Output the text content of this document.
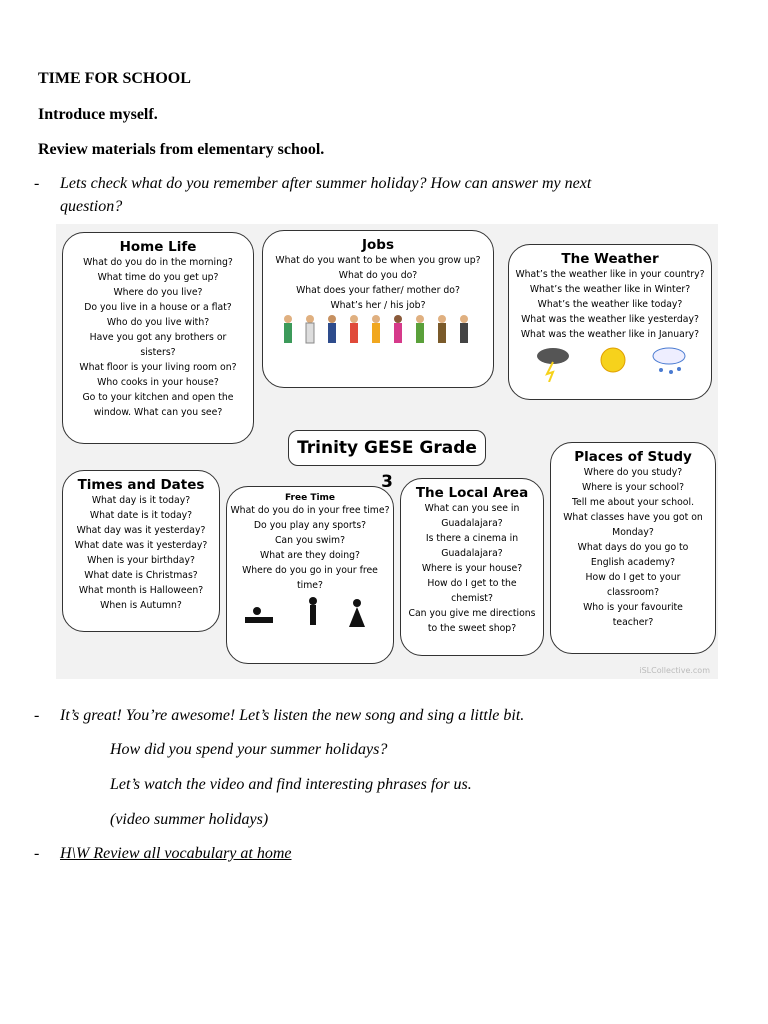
TIME FOR SCHOOL
Introduce myself.
Review materials from elementary school.
- Lets check what do you remember after summer holiday? How can answer my next
question?
Home Life
What do you do in the morning?
What time do you get up?
Where do you live?
Do you live in a house or a flat?
Who do you live with?
Have you got any brothers or
sisters?
What floor is your living room on?
Who cooks in your house?
Go to your kitchen and open the
window. What can you see?
Jobs
What do you want to be when you grow up?
What do you do?
What does your father/ mother do?
What’s her / his job?
The Weather
What’s the weather like in your country?
What’s the weather like in Winter?
What’s the weather like today?
What was the weather like yesterday?
What was the weather like in January?
Times and Dates
What day is it today?
What date is it today?
What day was it yesterday?
What date was it yesterday?
When is your birthday?
What date is Christmas?
What month is Halloween?
When is Autumn?
Free Time
What do you do in your free time?
Do you play any sports?
Can you swim?
What are they doing?
Where do you go in your free
time?
The Local Area
What can you see in
Guadalajara?
Is there a cinema in
Guadalajara?
Where is your house?
How do I get to the
chemist?
Can you give me directions
to the sweet shop?
Places of Study
Where do you study?
Where is your school?
Tell me about your school.
What classes have you got on
Monday?
What days do you go to
English academy?
How do I get to your
classroom?
Who is your favourite
teacher?
Trinity GESE Grade 3
iSLCollective.com
- It’s great! You’re awesome! Let’s listen the new song and sing a little bit.
How did you spend your summer holidays?
Let’s watch the video and find interesting phrases for us.
(video summer holidays)
- H\W Review all vocabulary at home
